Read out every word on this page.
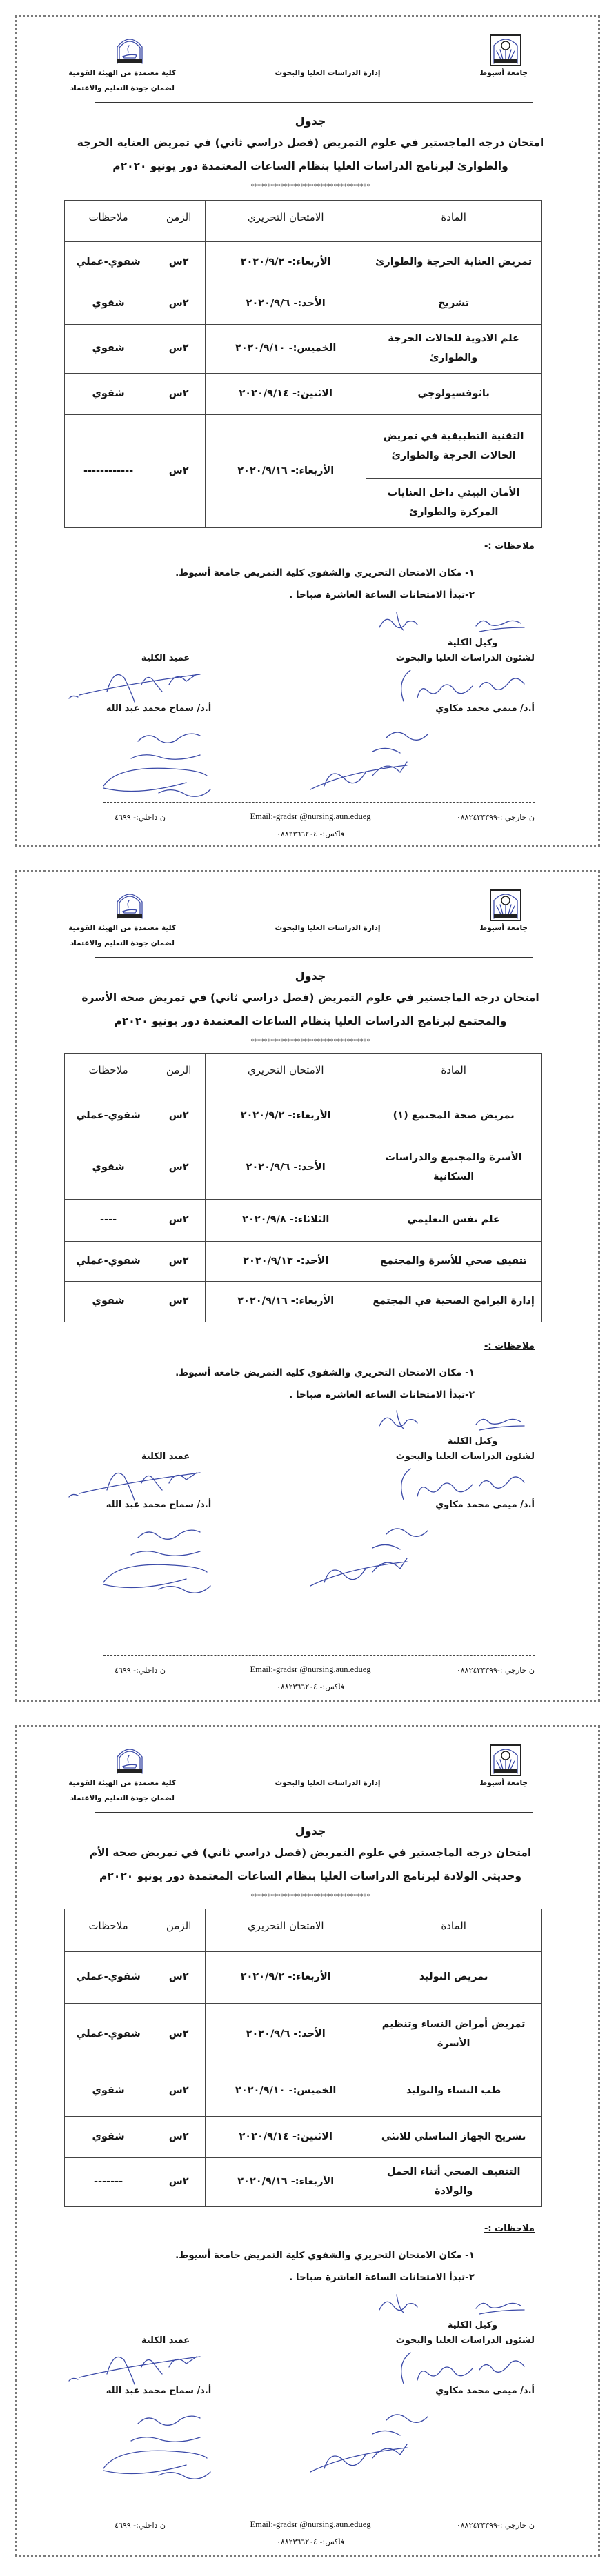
جامعة أسيوط
إدارة الدراسات العليا والبحوث
كلية معتمدة من الهيئة القومية
لضمان جودة التعليم والاعتماد
جدول
امتحان درجة الماجستير في علوم التمريض (فصل دراسي ثاني) في تمريض العناية الحرجة
والطوارئ لبرنامج الدراسات العليا بنظام الساعات المعتمدة دور يونيو ٢٠٢٠م
************************************
المادة	الامتحان التحريري	الزمن	ملاحظات
تمريض العناية الحرجة والطوارئ	الأربعاء:- ٢٠٢٠/٩/٢	٢س	شفوي-عملي
تشريح	الأحد:- ٢٠٢٠/٩/٦	٢س	شفوي
علم الادوية للحالات الحرجة والطوارئ	الخميس:- ٢٠٢٠/٩/١٠	٢س	شفوي
باثوفسيولوجي	الاثنين:- ٢٠٢٠/٩/١٤	٢س	شفوي
التقنية التطبيقية في تمريض الحالات الحرجة والطوارئ	الأربعاء:- ٢٠٢٠/٩/١٦	٢س	------------
الأمان البيئي داخل العنايات المركزة والطوارئ			
ملاحظات :-
١- مكان الامتحان التحريري والشفوي كلية التمريض جامعة أسيوط.
٢-تبدأ الامتحانات الساعة العاشرة صباحا .
وكيل الكلية
لشئون الدراسات العليا والبحوث
عميد الكلية
أ.د/ ميمي محمد مكاوي
أ.د/ سماح محمد عبد الله
ن خارجي :-٠٨٨٢٤٢٣٣٩٩
Email:-gradsr @nursing.aun.edueg
ن داخلي:- ٤٦٩٩
فاكس:- ٠٨٨٢٣٦٦٢٠٤
جامعة أسيوط
إدارة الدراسات العليا والبحوث
كلية معتمدة من الهيئة القومية
لضمان جودة التعليم والاعتماد
جدول
امتحان درجة الماجستير في علوم التمريض (فصل دراسي ثاني) في تمريض صحة الأسرة
والمجتمع لبرنامج الدراسات العليا بنظام الساعات المعتمدة دور يونيو ٢٠٢٠م
************************************
المادة	الامتحان التحريري	الزمن	ملاحظات
تمريض صحة المجتمع (١)	الأربعاء:- ٢٠٢٠/٩/٢	٢س	شفوي-عملي
الأسرة والمجتمع والدراسات السكانية	الأحد:- ٢٠٢٠/٩/٦	٢س	شفوي
علم نفس التعليمي	الثلاثاء:- ٢٠٢٠/٩/٨	٢س	----
تثقيف صحي للأسرة والمجتمع	الأحد:- ٢٠٢٠/٩/١٣	٢س	شفوي-عملي
إدارة البرامج الصحية في المجتمع	الأربعاء:- ٢٠٢٠/٩/١٦	٢س	شفوي
ملاحظات :-
١- مكان الامتحان التحريري والشفوي كلية التمريض جامعة أسيوط.
٢-تبدأ الامتحانات الساعة العاشرة صباحا .
وكيل الكلية
لشئون الدراسات العليا والبحوث
عميد الكلية
أ.د/ ميمي محمد مكاوي
أ.د/ سماح محمد عبد الله
ن خارجي :-٠٨٨٢٤٢٣٣٩٩
Email:-gradsr @nursing.aun.edueg
ن داخلي:- ٤٦٩٩
فاكس:- ٠٨٨٢٣٦٦٢٠٤
جامعة أسيوط
إدارة الدراسات العليا والبحوث
كلية معتمدة من الهيئة القومية
لضمان جودة التعليم والاعتماد
جدول
امتحان درجة الماجستير في علوم التمريض (فصل دراسي ثاني) في تمريض صحة الأم
وحديثي الولادة لبرنامج الدراسات العليا بنظام الساعات المعتمدة دور يونيو ٢٠٢٠م
************************************
المادة	الامتحان التحريري	الزمن	ملاحظات
تمريض التوليد	الأربعاء:- ٢٠٢٠/٩/٢	٢س	شفوي-عملي
تمريض أمراض النساء وتنظيم الأسرة	الأحد:- ٢٠٢٠/٩/٦	٢س	شفوي-عملي
طب النساء والتوليد	الخميس:- ٢٠٢٠/٩/١٠	٢س	شفوي
تشريح الجهاز التناسلي للانثي	الاثنين:- ٢٠٢٠/٩/١٤	٢س	شفوي
التثقيف الصحي أثناء الحمل والولادة	الأربعاء:- ٢٠٢٠/٩/١٦	٢س	-------
ملاحظات :-
١- مكان الامتحان التحريري والشفوي كلية التمريض جامعة أسيوط.
٢-تبدأ الامتحانات الساعة العاشرة صباحا .
وكيل الكلية
لشئون الدراسات العليا والبحوث
عميد الكلية
أ.د/ ميمي محمد مكاوي
أ.د/ سماح محمد عبد الله
ن خارجي :-٠٨٨٢٤٢٣٣٩٩
Email:-gradsr @nursing.aun.edueg
ن داخلي:- ٤٦٩٩
فاكس:- ٠٨٨٢٣٦٦٢٠٤
